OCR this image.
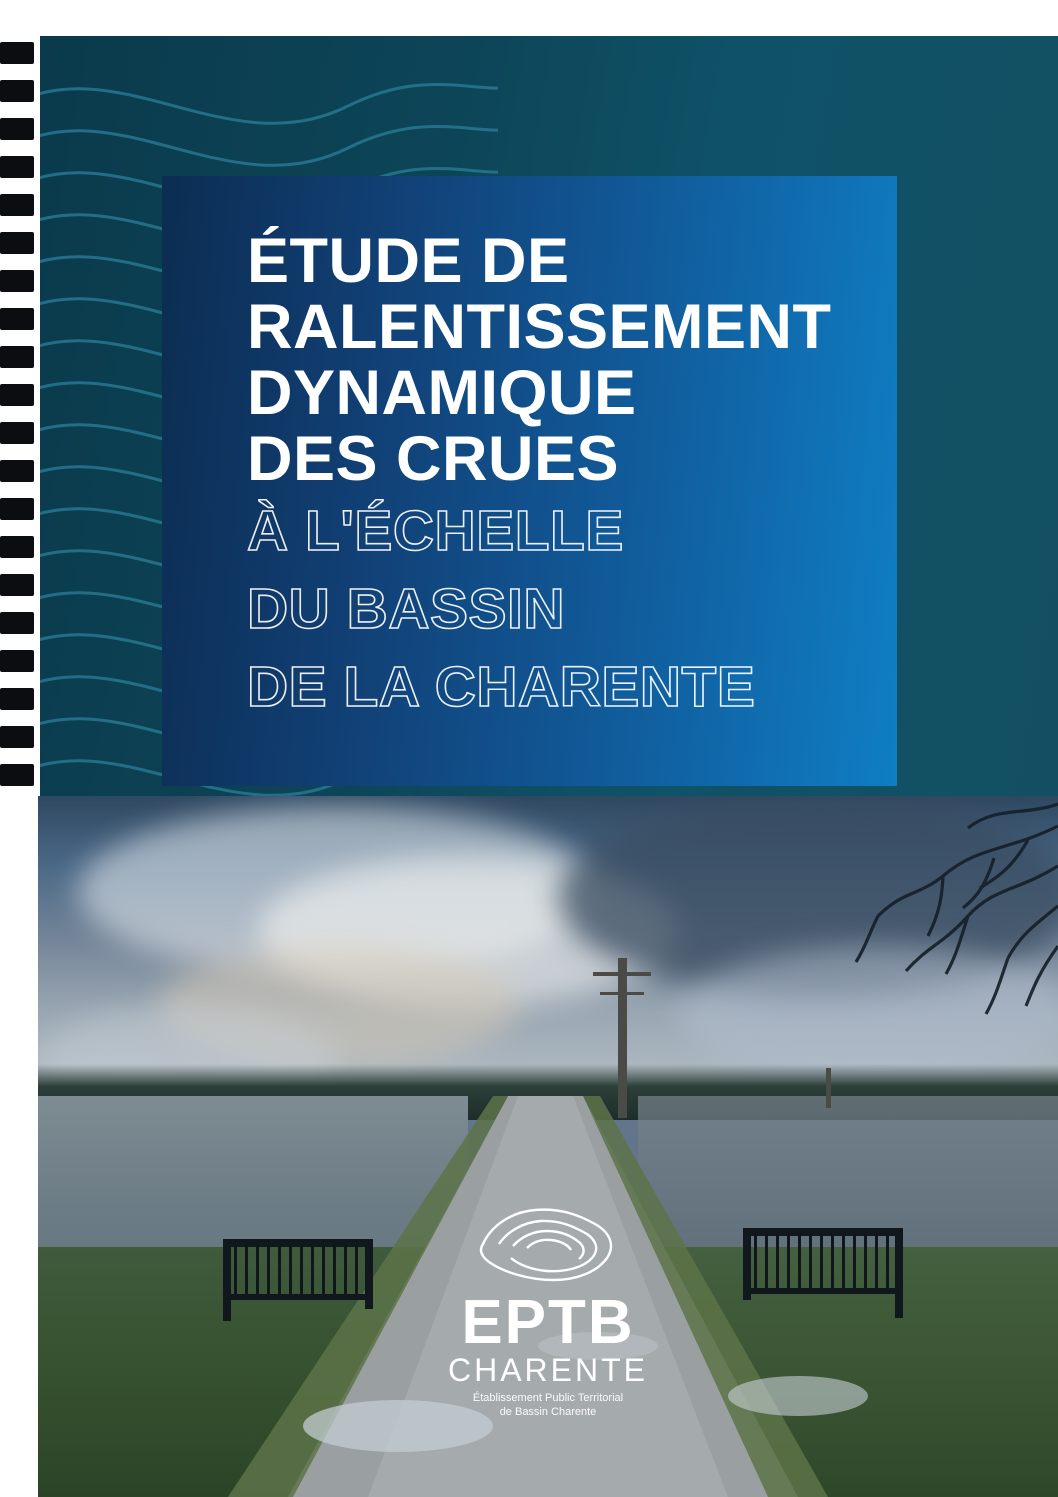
ÉTUDE DE

RALENTISSEMENT

DYNAMIQUE

DES CRUES

À L'ÉCHELLE

DU BASSIN

DE LA CHARENTE

EPTB

CHARENTE

Établissement Public Territorial
de Bassin Charente
